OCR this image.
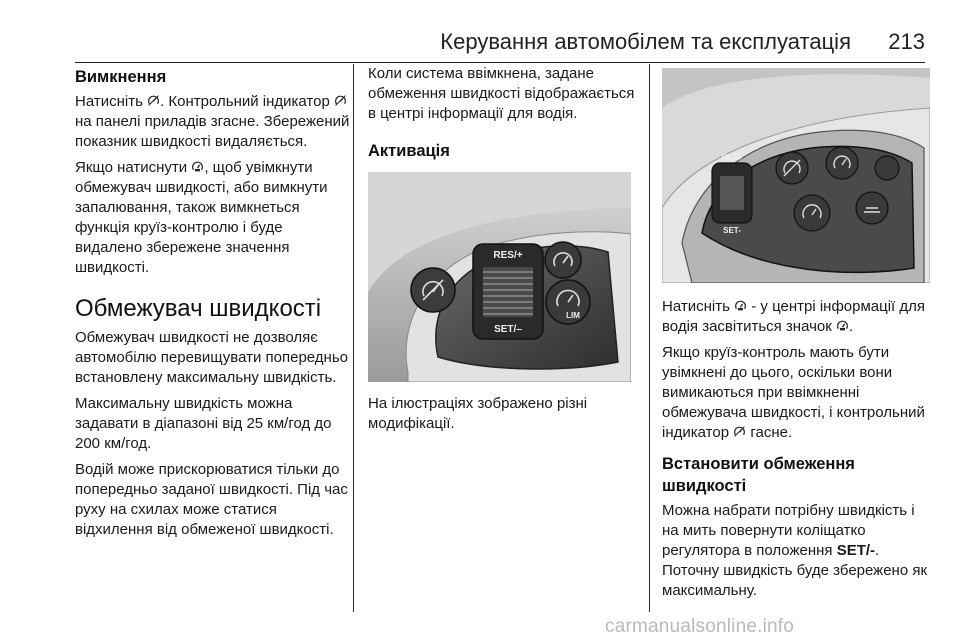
Керування автомобілем та експлуатація 213
Вимкнення

Натисніть
. Контрольний індикатор
на панелі приладів згасне. Збережений показник швидкості видаляється.

Якщо натиснути
, щоб увімкнути обмежувач швидкості, або вимкнути запалювання, також вимкнеться функція круїз-контролю і буде видалено збережене значення швидкості.

Обмежувач швидкості

Обмежувач швидкості не дозволяє автомобілю перевищувати попередньо встановлену максимальну швидкість.

Максимальну швидкість можна задавати в діапазоні від 25 км/год до 200 км/год.

Водій може прискорюватися тільки до попередньо заданої швидкості. Під час руху на схилах може статися відхилення від обмеженої швидкості.

Коли система ввімкнена, задане обмеження швидкості відображається в центрі інформації для водія.

Активація
RES/+
SET/–
LIM

На ілюстраціях зображено різні модифікації.

RES+
SET-

Натисніть
- у центрі інформації для водія засвітиться значок
.

Якщо круїз-контроль мають бути увімкнені до цього, оскільки вони вимикаються при ввімкненні обмежувача швидкості, і контрольний індикатор
гасне.

Встановити обмеження швидкості

Можна набрати потрібну швидкість і на мить повернути коліщатко регулятора в положення SET/-. Поточну швидкість буде збережено як максимальну.

carmanualsonline.info
